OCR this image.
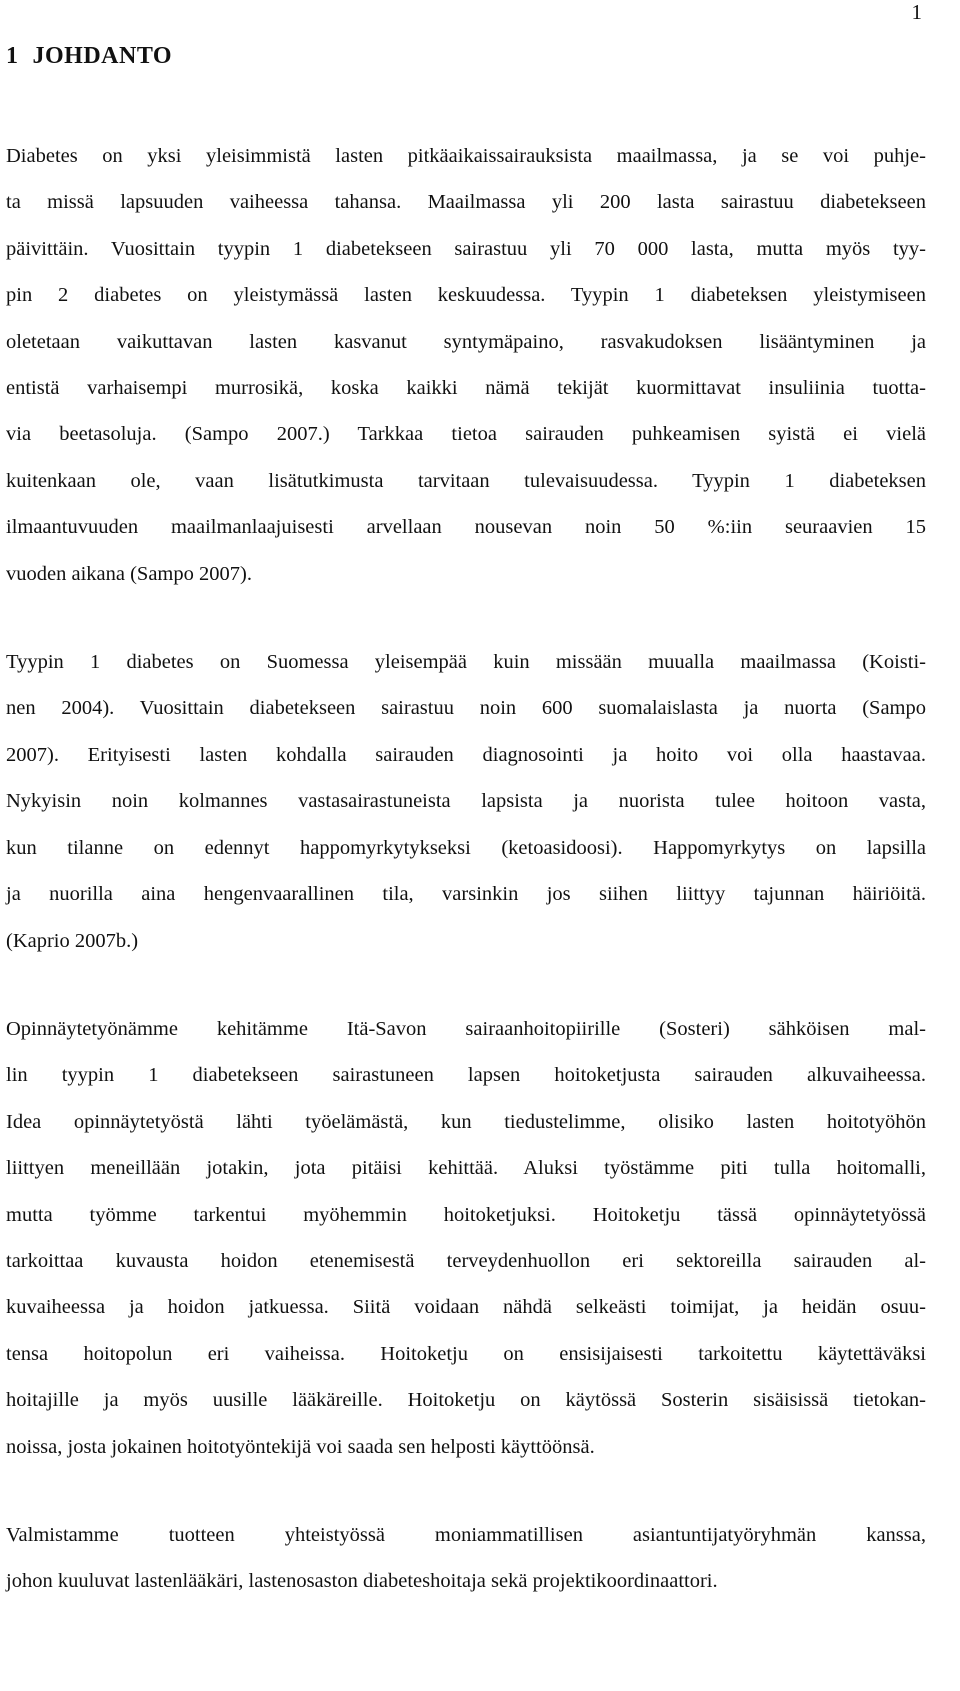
1
1 JOHDANTO

Diabetes on yksi yleisimmistä lasten pitkäaikaissairauksista maailmassa, ja se voi puhje-
ta missä lapsuuden vaiheessa tahansa. Maailmassa yli 200 lasta sairastuu diabetekseen
päivittäin. Vuosittain tyypin 1 diabetekseen sairastuu yli 70 000 lasta, mutta myös tyy-
pin 2 diabetes on yleistymässä lasten keskuudessa. Tyypin 1 diabeteksen yleistymiseen
oletetaan vaikuttavan lasten kasvanut syntymäpaino, rasvakudoksen lisääntyminen ja
entistä varhaisempi murrosikä, koska kaikki nämä tekijät kuormittavat insuliinia tuotta-
via beetasoluja. (Sampo 2007.) Tarkkaa tietoa sairauden puhkeamisen syistä ei vielä
kuitenkaan ole, vaan lisätutkimusta tarvitaan tulevaisuudessa. Tyypin 1 diabeteksen
ilmaantuvuuden maailmanlaajuisesti arvellaan nousevan noin 50 %:iin seuraavien 15
vuoden aikana (Sampo 2007).

Tyypin 1 diabetes on Suomessa yleisempää kuin missään muualla maailmassa (Koisti-
nen 2004). Vuosittain diabetekseen sairastuu noin 600 suomalaislasta ja nuorta (Sampo
2007). Erityisesti lasten kohdalla sairauden diagnosointi ja hoito voi olla haastavaa.
Nykyisin noin kolmannes vastasairastuneista lapsista ja nuorista tulee hoitoon vasta,
kun tilanne on edennyt happomyrkytykseksi (ketoasidoosi). Happomyrkytys on lapsilla
ja nuorilla aina hengenvaarallinen tila, varsinkin jos siihen liittyy tajunnan häiriöitä.
(Kaprio 2007b.)

Opinnäytetyönämme kehitämme Itä-Savon sairaanhoitopiirille (Sosteri) sähköisen mal-
lin tyypin 1 diabetekseen sairastuneen lapsen hoitoketjusta sairauden alkuvaiheessa.
Idea opinnäytetyöstä lähti työelämästä, kun tiedustelimme, olisiko lasten hoitotyöhön
liittyen meneillään jotakin, jota pitäisi kehittää. Aluksi työstämme piti tulla hoitomalli,
mutta työmme tarkentui myöhemmin hoitoketjuksi. Hoitoketju tässä opinnäytetyössä
tarkoittaa kuvausta hoidon etenemisestä terveydenhuollon eri sektoreilla sairauden al-
kuvaiheessa ja hoidon jatkuessa. Siitä voidaan nähdä selkeästi toimijat, ja heidän osuu-
tensa hoitopolun eri vaiheissa. Hoitoketju on ensisijaisesti tarkoitettu käytettäväksi
hoitajille ja myös uusille lääkäreille. Hoitoketju on käytössä Sosterin sisäisissä tietokan-
noissa, josta jokainen hoitotyöntekijä voi saada sen helposti käyttöönsä.

Valmistamme tuotteen yhteistyössä moniammatillisen asiantuntijatyöryhmän kanssa,
johon kuuluvat lastenlääkäri, lastenosaston diabeteshoitaja sekä projektikoordinaattori.
